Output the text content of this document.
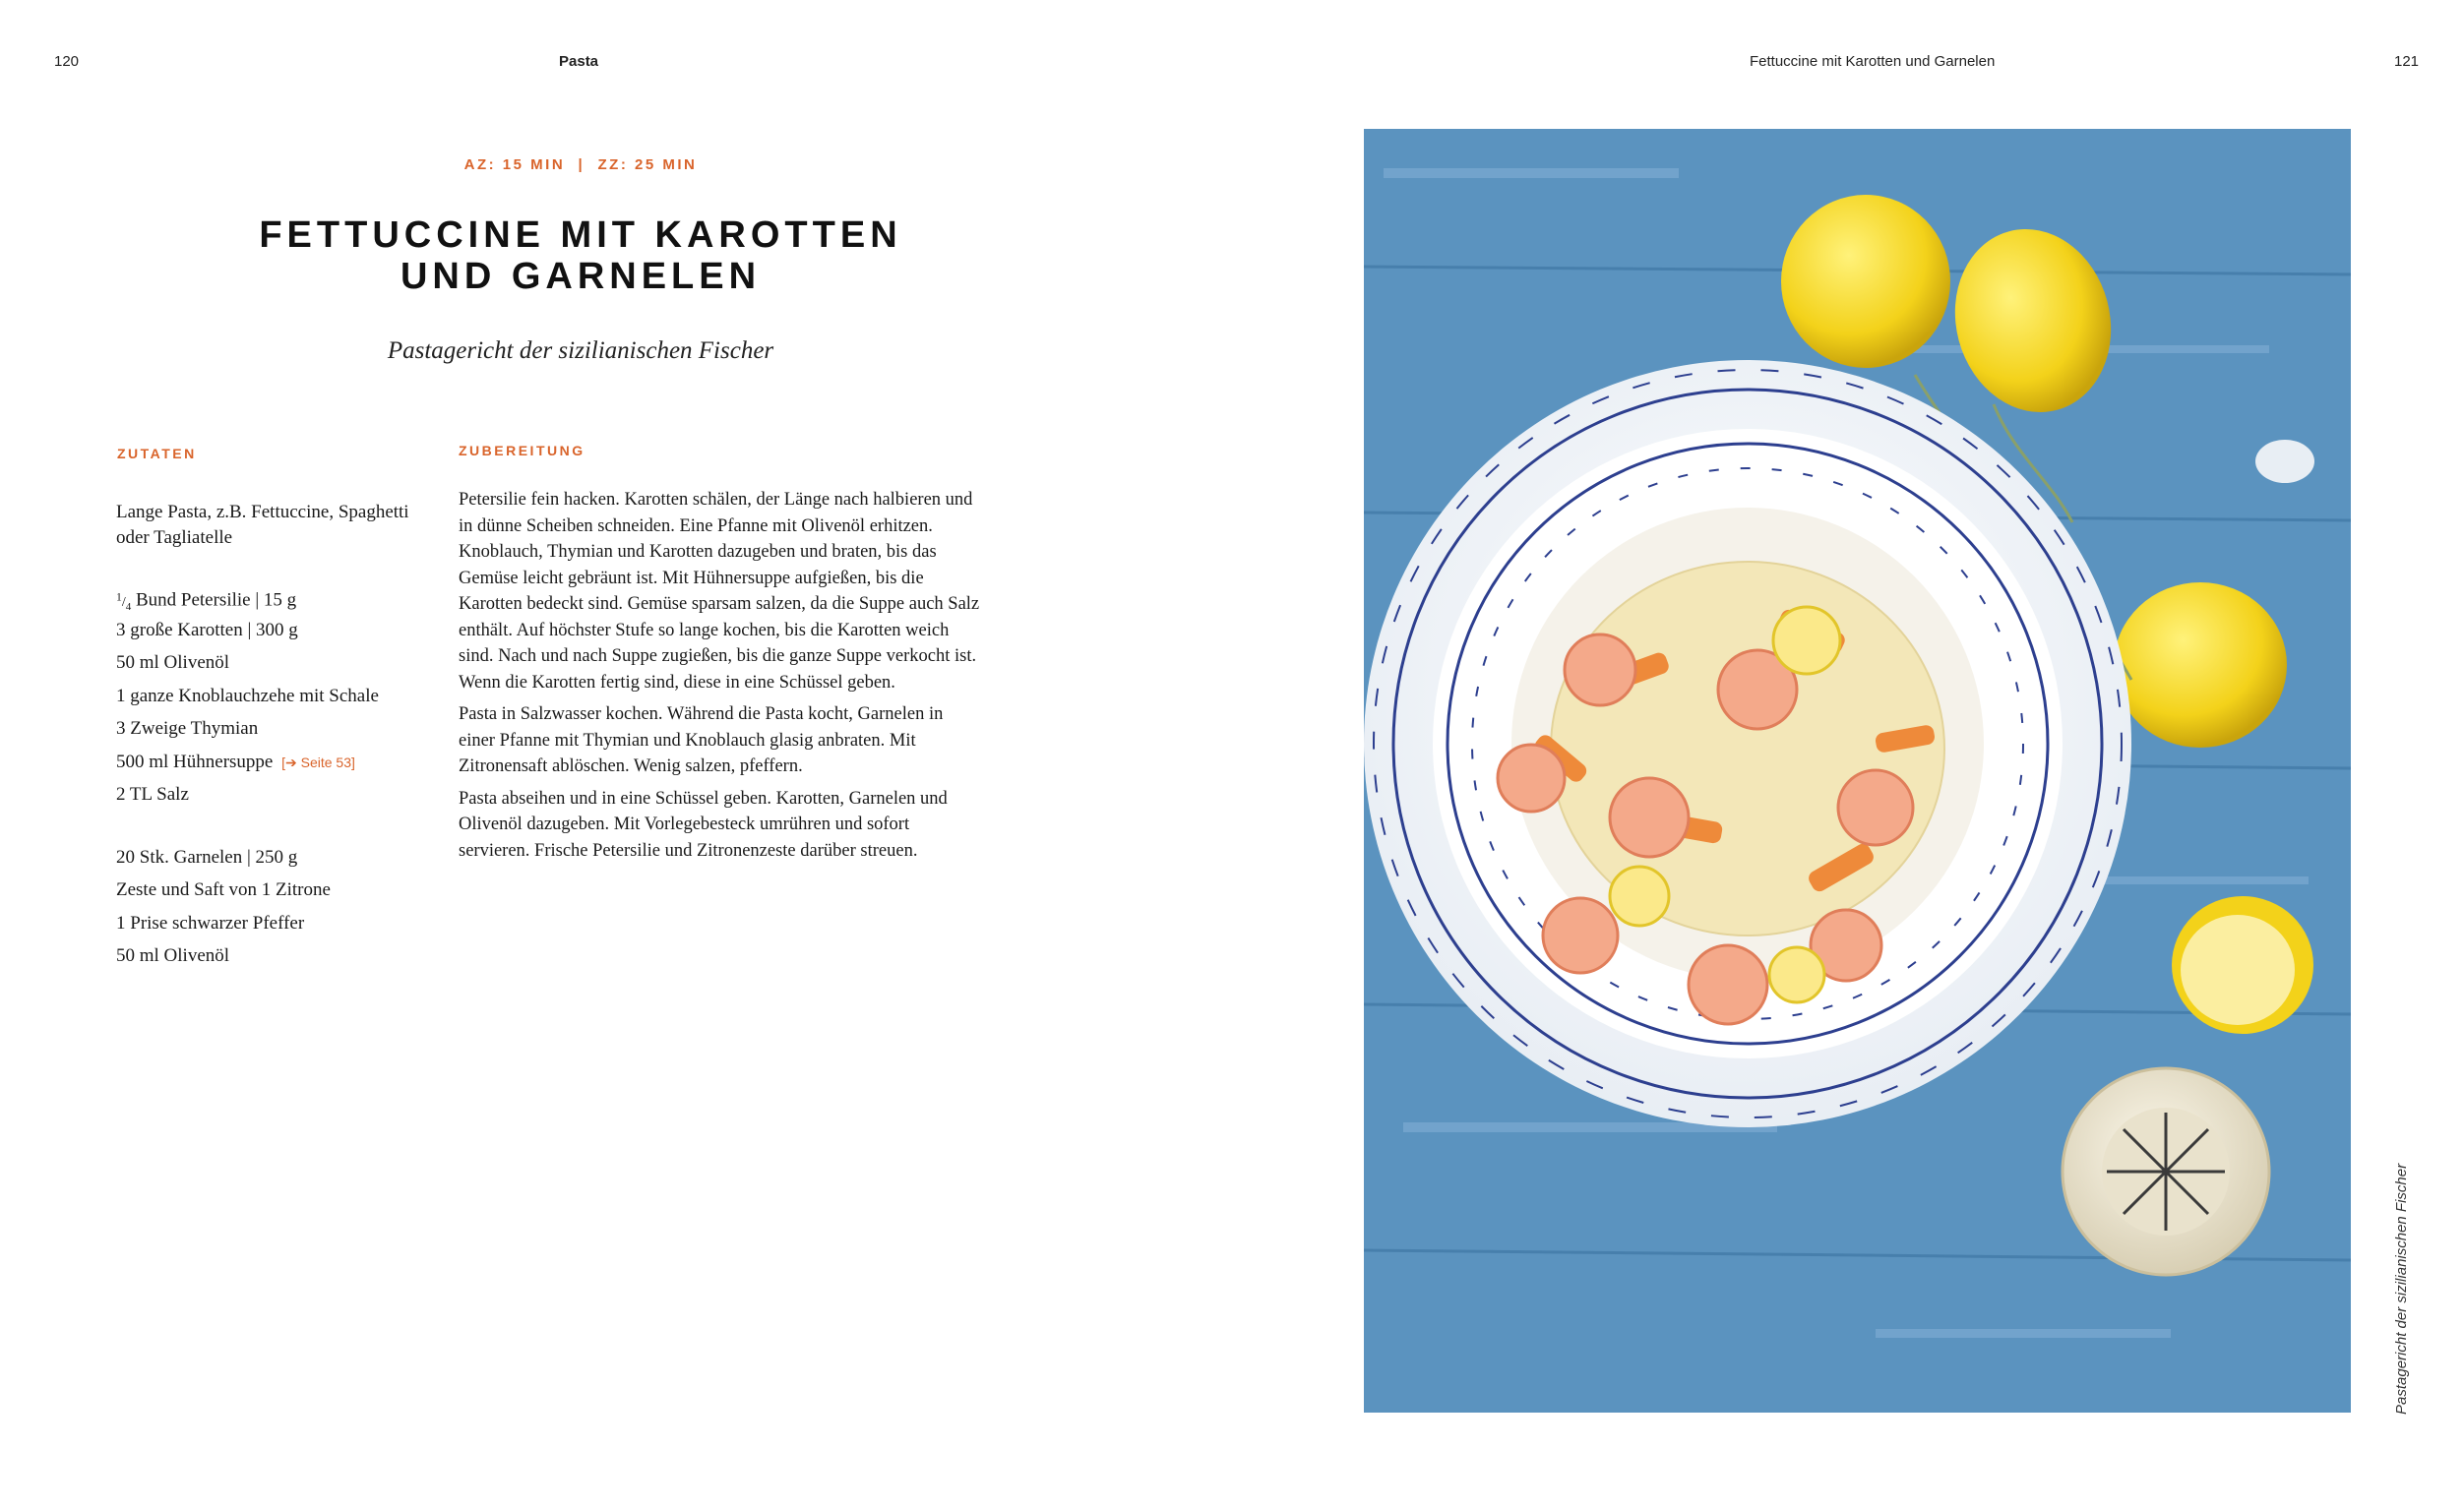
120	Pasta	Fettuccine mit Karotten und Garnelen	121
AZ: 15 MIN  |  ZZ: 25 MIN
FETTUCCINE MIT KAROTTEN
UND GARNELEN
Pastagericht der sizilianischen Fischer
ZUTATEN	ZUBEREITUNG
Lange Pasta, z.B. Fettuccine, Spaghetti oder Tagliatelle
$^1/_4$ Bund Petersilie | 15 g
3 große Karotten | 300 g
50 ml Olivenöl
1 ganze Knoblauchzehe mit Schale
3 Zweige Thymian
500 ml Hühnersuppe [➔ Seite 53]
2 TL Salz
20 Stk. Garnelen | 250 g
Zeste und Saft von 1 Zitrone
1 Prise schwarzer Pfeffer
50 ml Olivenöl

Petersilie fein hacken. Karotten schälen, der Länge nach halbieren und in dünne Scheiben schneiden. Eine Pfanne mit Olivenöl erhitzen. Knoblauch, Thymian und Karotten dazugeben und braten, bis das Gemüse leicht gebräunt ist. Mit Hühnersuppe aufgießen, bis die Karotten bedeckt sind. Gemüse sparsam salzen, da die Suppe auch Salz enthält. Auf höchster Stufe so lange kochen, bis die Karotten weich sind. Nach und nach Suppe zugießen, bis die ganze Suppe verkocht ist. Wenn die Karotten fertig sind, diese in eine Schüssel geben.

Pasta in Salzwasser kochen. Während die Pasta kocht, Garnelen in einer Pfanne mit Thymian und Knoblauch glasig anbraten. Mit Zitronensaft ablöschen. Wenig salzen, pfeffern.

Pasta abseihen und in eine Schüssel geben. Karotten, Garnelen und Olivenöl dazugeben. Mit Vorlegebesteck umrühren und sofort servieren. Frische Petersilie und Zitronenzeste darüber streuen.

Pastagericht der sizilianischen Fischer
